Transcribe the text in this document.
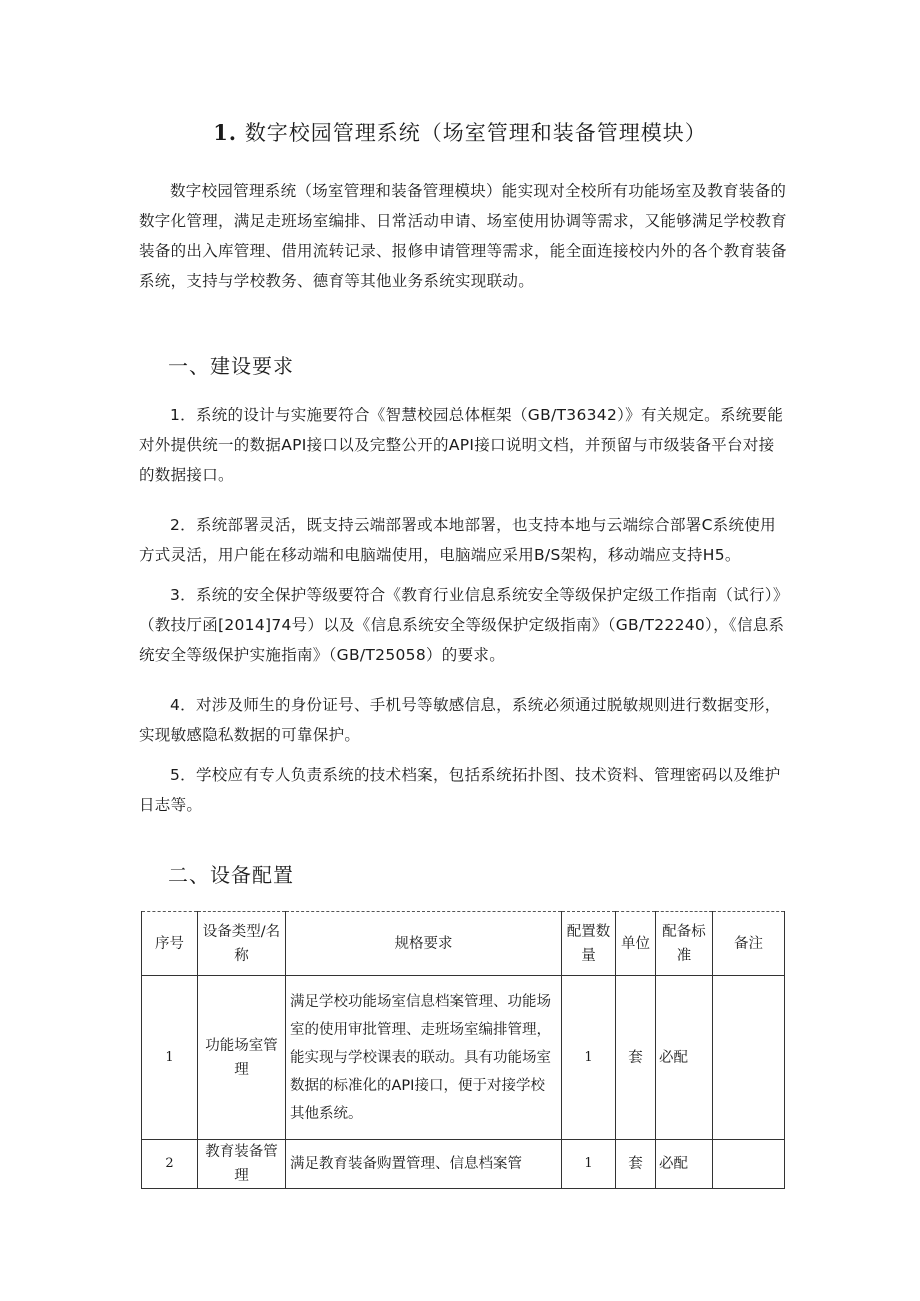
1. 数字校园管理系统（场室管理和装备管理模块）

数字校园管理系统（场室管理和装备管理模块）能实现对全校所有功能场室及教育装备的数字化管理，满足走班场室编排、日常活动申请、场室使用协调等需求，又能够满足学校教育装备的出入库管理、借用流转记录、报修申请管理等需求，能全面连接校内外的各个教育装备系统，支持与学校教务、德育等其他业务系统实现联动。

一、建设要求

1．系统的设计与实施要符合《智慧校园总体框架（GB/T36342）》有关规定。系统要能对外提供统一的数据API接口以及完整公开的API接口说明文档，并预留与市级装备平台对接的数据接口。

2．系统部署灵活，既支持云端部署或本地部署，也支持本地与云端综合部署C系统使用方式灵活，用户能在移动端和电脑端使用，电脑端应采用B/S架构，移动端应支持H5。

3．系统的安全保护等级要符合《教育行业信息系统安全等级保护定级工作指南（试行）》（教技厅函[2014]74号）以及《信息系统安全等级保护定级指南》（GB/T22240），《信息系统安全等级保护实施指南》（GB/T25058）的要求。

4．对涉及师生的身份证号、手机号等敏感信息，系统必须通过脱敏规则进行数据变形，实现敏感隐私数据的可靠保护。

5．学校应有专人负责系统的技术档案，包括系统拓扑图、技术资料、管理密码以及维护日志等。

二、设备配置
序号	设备类型/名称	规格要求	配置数量	单位	配备标准	备注
1	功能场室管理	满足学校功能场室信息档案管理、功能场室的使用审批管理、走班场室编排管理，能实现与学校课表的联动。具有功能场室数据的标准化的API接口，便于对接学校其他系统。	1	套	必配	
2	教育装备管理	满足教育装备购置管理、信息档案管	1	套	必配	
